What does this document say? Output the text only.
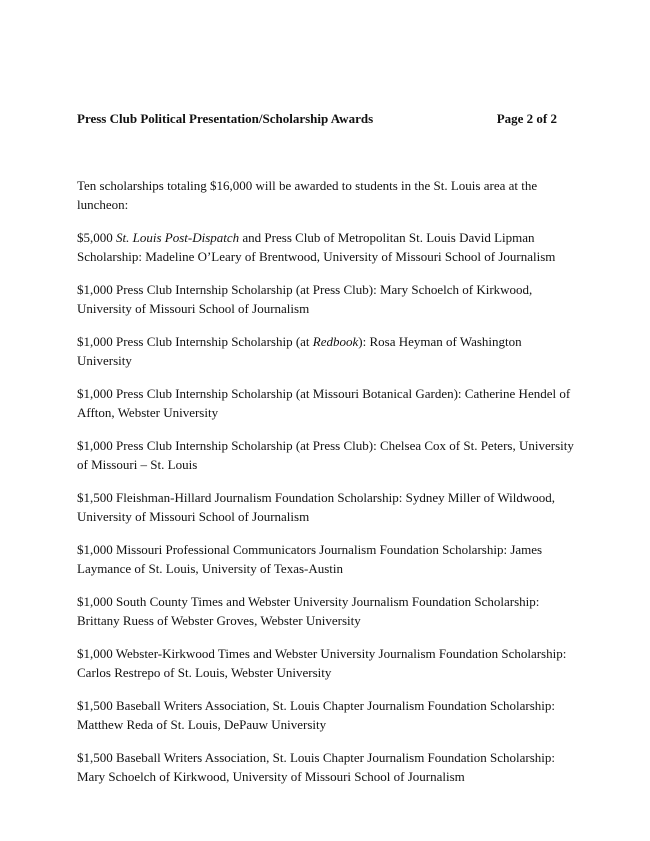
Press Club Political Presentation/Scholarship Awards	Page 2 of 2

Ten scholarships totaling $16,000 will be awarded to students in the St. Louis area at the luncheon:

$5,000 St. Louis Post-Dispatch and Press Club of Metropolitan St. Louis David Lipman Scholarship: Madeline O’Leary of Brentwood, University of Missouri School of Journalism

$1,000 Press Club Internship Scholarship (at Press Club): Mary Schoelch of Kirkwood, University of Missouri School of Journalism

$1,000 Press Club Internship Scholarship (at Redbook): Rosa Heyman of Washington University

$1,000 Press Club Internship Scholarship (at Missouri Botanical Garden): Catherine Hendel of Affton, Webster University

$1,000 Press Club Internship Scholarship (at Press Club): Chelsea Cox of St. Peters, University of Missouri – St. Louis

$1,500 Fleishman-Hillard Journalism Foundation Scholarship: Sydney Miller of Wildwood, University of Missouri School of Journalism

$1,000 Missouri Professional Communicators Journalism Foundation Scholarship: James Laymance of St. Louis, University of Texas-Austin

$1,000 South County Times and Webster University Journalism Foundation Scholarship: Brittany Ruess of Webster Groves, Webster University

$1,000 Webster-Kirkwood Times and Webster University Journalism Foundation Scholarship: Carlos Restrepo of St. Louis, Webster University

$1,500 Baseball Writers Association, St. Louis Chapter Journalism Foundation Scholarship: Matthew Reda of St. Louis, DePauw University

$1,500 Baseball Writers Association, St. Louis Chapter Journalism Foundation Scholarship: Mary Schoelch of Kirkwood, University of Missouri School of Journalism
